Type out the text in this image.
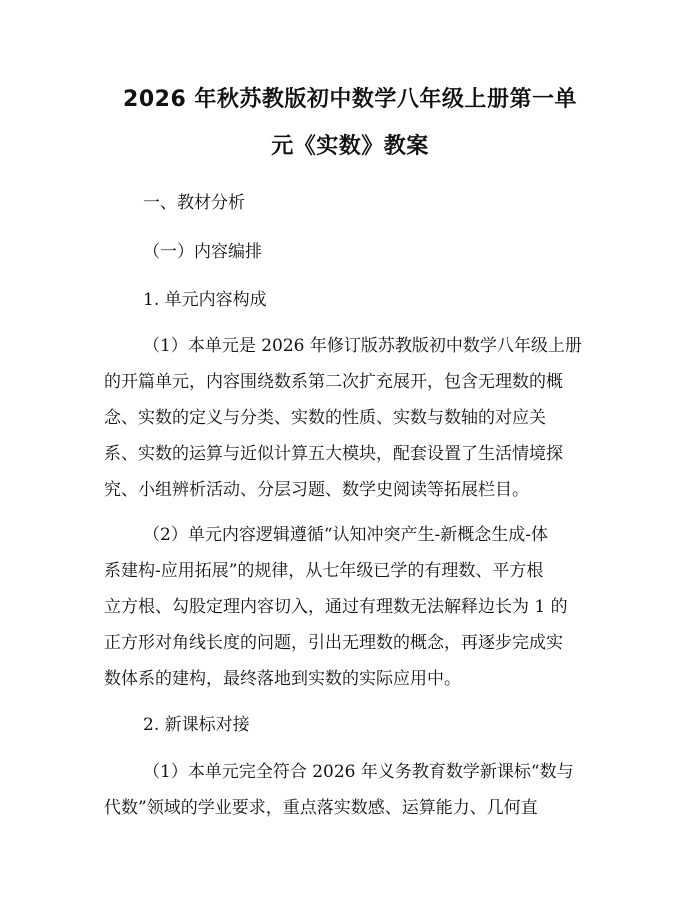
2026 年秋苏教版初中数学八年级上册第一单
元《实数》教案
一、教材分析
（一）内容编排
1. 单元内容构成
（1）本单元是 2026 年修订版苏教版初中数学八年级上册
的开篇单元，内容围绕数系第二次扩充展开，包含无理数的概
念、实数的定义与分类、实数的性质、实数与数轴的对应关
系、实数的运算与近似计算五大模块，配套设置了生活情境探
究、小组辨析活动、分层习题、数学史阅读等拓展栏目。
（2）单元内容逻辑遵循“认知冲突产生-新概念生成-体
系建构-应用拓展”的规律，从七年级已学的有理数、平方根
立方根、勾股定理内容切入，通过有理数无法解释边长为 1 的
正方形对角线长度的问题，引出无理数的概念，再逐步完成实
数体系的建构，最终落地到实数的实际应用中。
2. 新课标对接
（1）本单元完全符合 2026 年义务教育数学新课标“数与
代数”领域的学业要求，重点落实数感、运算能力、几何直
